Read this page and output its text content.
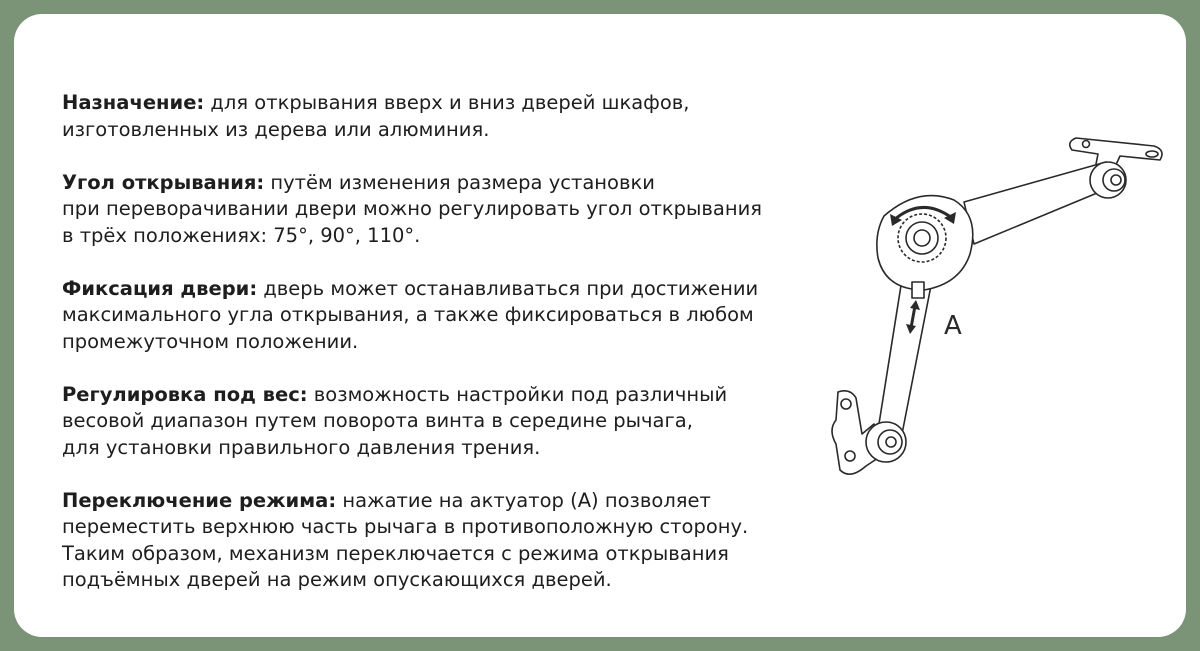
Назначение: для открывания вверх и вниз дверей шкафов,
изготовленных из дерева или алюминия.

Угол открывания: путём изменения размера установки
при переворачивании двери можно регулировать угол открывания
в трёх положениях: 75°, 90°, 110°.

Фиксация двери: дверь может останавливаться при достижении
максимального угла открывания, а также фиксироваться в любом
промежуточном положении.

Регулировка под вес: возможность настройки под различный
весовой диапазон путем поворота винта в середине рычага,
для установки правильного давления трения.

Переключение режима: нажатие на актуатор (А) позволяет
переместить верхнюю часть рычага в противоположную сторону.
Таким образом, механизм переключается с режима открывания
подъёмных дверей на режим опускающихся дверей.

A
